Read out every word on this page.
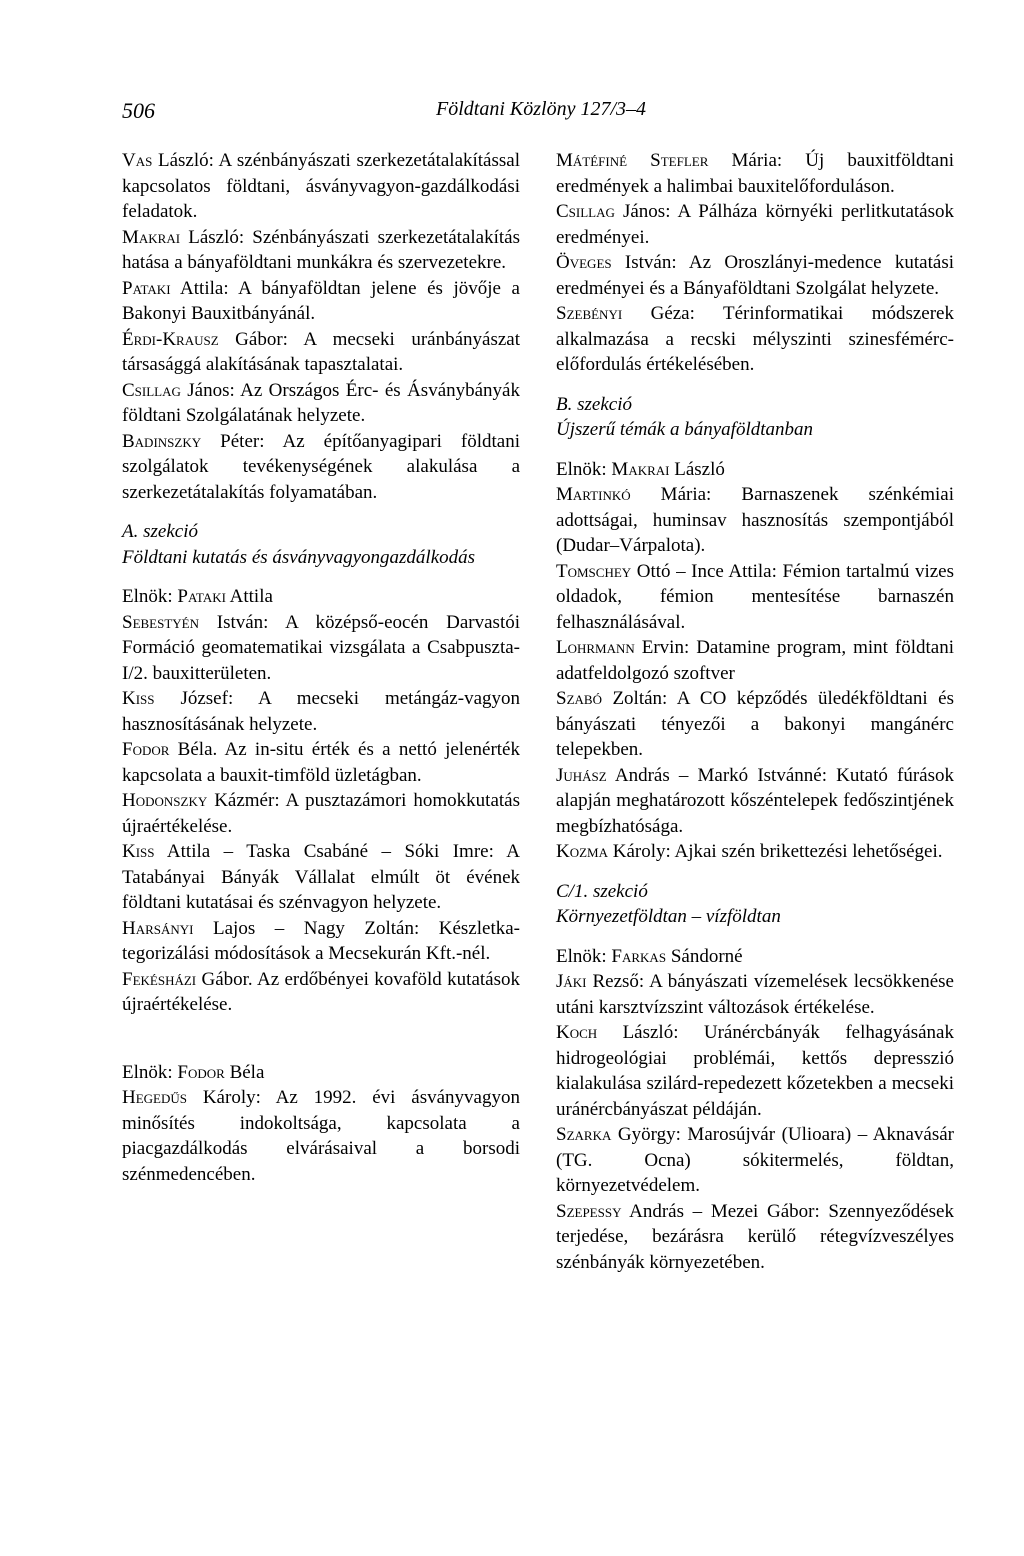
506	Földtani Közlöny 127/3–4

Vas László: A szénbányászati szerkezetátalakítással kapcsolatos földtani, ásványvagyon-gazdálkodási feladatok.

Makrai László: Szénbányászati szerkezetátalakítás hatása a bányaföldtani munkákra és szervezetekre.

Pataki Attila: A bányaföldtan jelene és jövője a Bakonyi Bauxitbányánál.

Érdi-Krausz Gábor: A mecseki uránbányászat társasággá alakításának tapasztalatai.

Csillag János: Az Országos Érc- és Ásványbányák földtani Szolgálatának helyzete.

Badinszky Péter: Az építőanyagipari földtani szolgálatok tevékenységének alakulása a szerkezetátalakítás folyamatában.

A. szekció

Földtani kutatás és ásványvagyongazdálkodás

Elnök: Pataki Attila

Sebestyén István: A középső-eocén Darvastói Formáció geomatematikai vizsgálata a Csabpuszta-I/2. bauxitterületen.

Kiss József: A mecseki metángáz-vagyon hasznosításának helyzete.

Fodor Béla. Az in-situ érték és a nettó jelenérték kapcsolata a bauxit-timföld üzletágban.

Hodonszky Kázmér: A pusztazámori homokkutatás újraértékelése.

Kiss Attila – Taska Csabáné – Sóki Imre: A Tatabányai Bányák Vállalat elmúlt öt évének földtani kutatásai és szénvagyon helyzete.

Harsányi Lajos – Nagy Zoltán: Készletkategorizálási módosítások a Mecsekurán Kft.-nél.

Fekésházi Gábor. Az erdőbényei kovaföld kutatások újraértékelése.

Elnök: Fodor Béla

Hegedűs Károly: Az 1992. évi ásványvagyon minősítés indokoltsága, kapcsolata a piacgazdálkodás elvárásaival a borsodi szénmedencében.

Mátéfiné Stefler Mária: Új bauxitföldtani eredmények a halimbai bauxitelőforduláson.

Csillag János: A Pálháza környéki perlitkutatások eredményei.

Öveges István: Az Oroszlányi-medence kutatási eredményei és a Bányaföldtani Szolgálat helyzete.

Szebényi Géza: Térinformatikai módszerek alkalmazása a recski mélyszinti szinesfémérc-előfordulás értékelésében.

B. szekció

Újszerű témák a bányaföldtanban

Elnök: Makrai László

Martinkó Mária: Barnaszenek szénkémiai adottságai, huminsav hasznosítás szempontjából (Dudar–Várpalota).

Tomschey Ottó – Ince Attila: Fémion tartalmú vizes oldadok, fémion mentesítése barnaszén felhasználásával.

Lohrmann Ervin: Datamine program, mint földtani adatfeldolgozó szoftver

Szabó Zoltán: A CO képződés üledékföldtani és bányászati tényezői a bakonyi mangánérc telepekben.

Juhász András – Markó Istvánné: Kutató fúrások alapján meghatározott kőszéntelepek fedőszintjének megbízhatósága.

Kozma Károly: Ajkai szén brikettezési lehetőségei.

C/1. szekció

Környezetföldtan – vízföldtan

Elnök: Farkas Sándorné

Jáki Rezső: A bányászati vízemelések lecsökkenése utáni karsztvízszint változások értékelése.

Koch László: Uránércbányák felhagyásának hidrogeológiai problémái, kettős depresszió kialakulása szilárd-repedezett kőzetekben a mecseki uránércbányászat példáján.

Szarka György: Marosújvár (Ulioara) – Aknavásár (TG. Ocna) sókitermelés, földtan, környezetvédelem.

Szepessy András – Mezei Gábor: Szennyeződések terjedése, bezárásra kerülő rétegvízveszélyes szénbányák környezetében.
